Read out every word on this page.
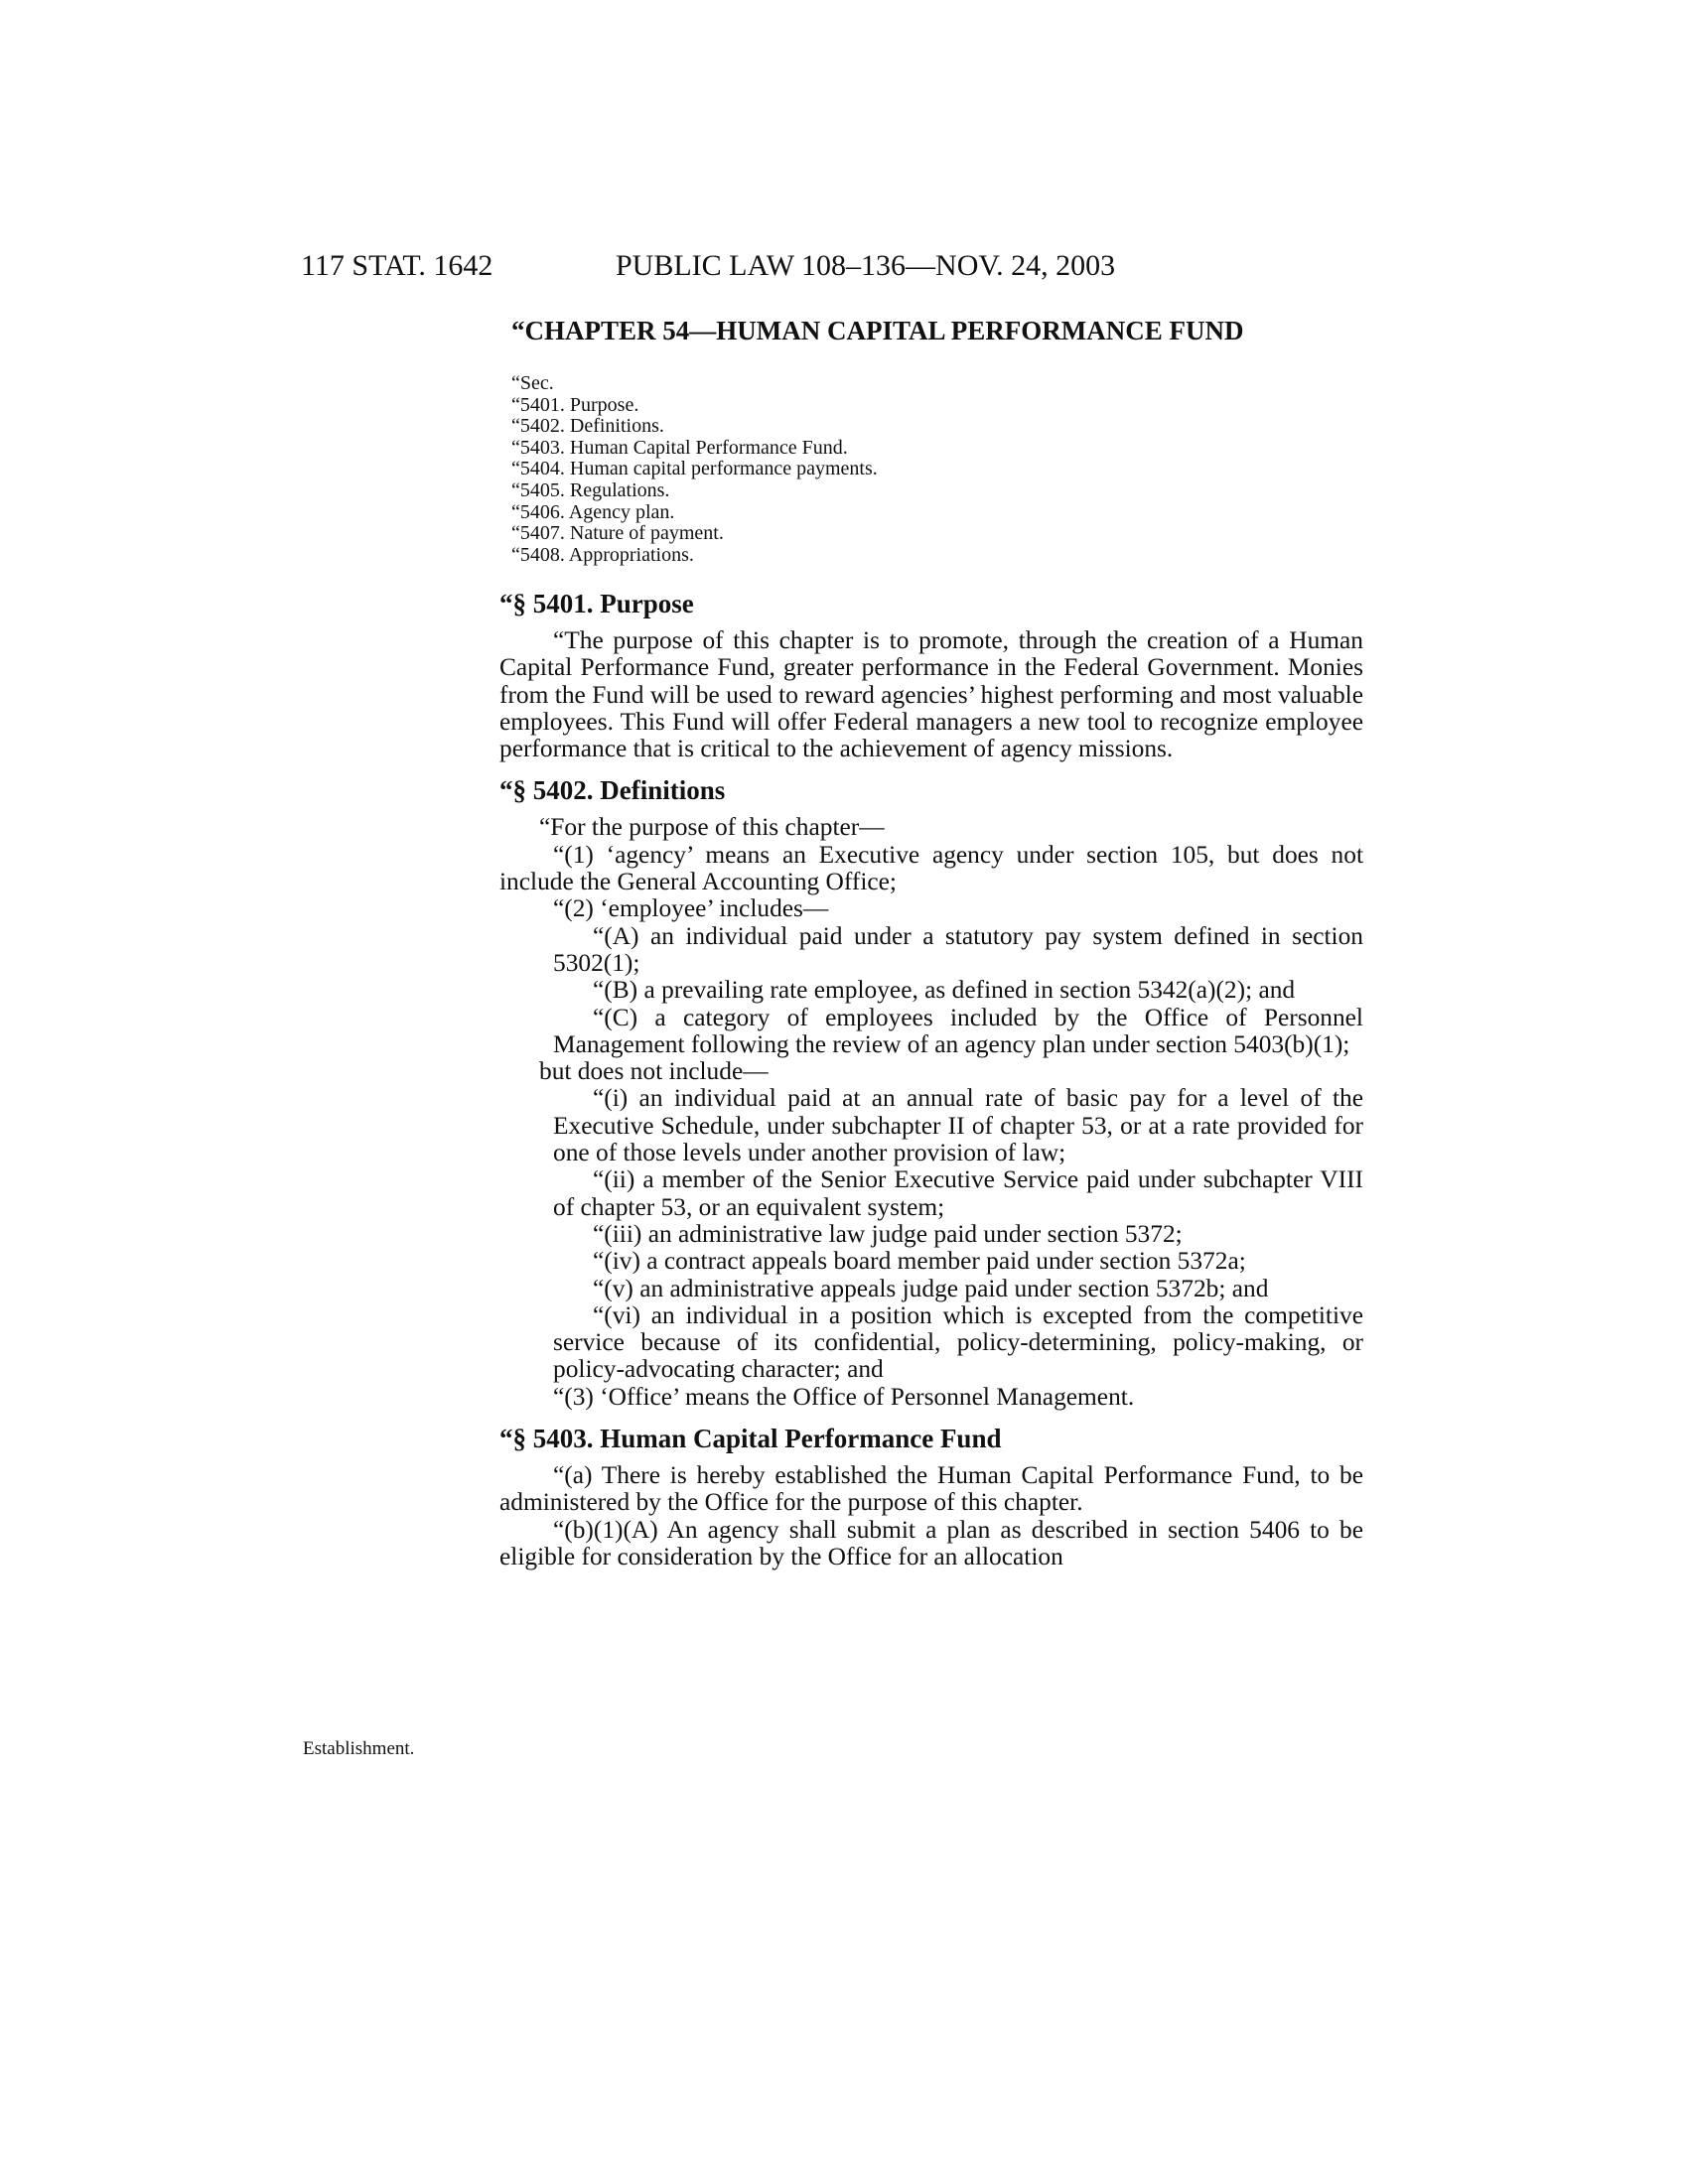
117 STAT. 1642	PUBLIC LAW 108–136—NOV. 24, 2003
“CHAPTER 54—HUMAN CAPITAL PERFORMANCE FUND
“Sec.
“5401. Purpose.
“5402. Definitions.
“5403. Human Capital Performance Fund.
“5404. Human capital performance payments.
“5405. Regulations.
“5406. Agency plan.
“5407. Nature of payment.
“5408. Appropriations.
“§ 5401. Purpose

“The purpose of this chapter is to promote, through the creation of a Human Capital Performance Fund, greater performance in the Federal Government. Monies from the Fund will be used to reward agencies’ highest performing and most valuable employees. This Fund will offer Federal managers a new tool to recognize employee performance that is critical to the achievement of agency missions.

“§ 5402. Definitions

“For the purpose of this chapter—

“(1) ‘agency’ means an Executive agency under section 105, but does not include the General Accounting Office;

“(2) ‘employee’ includes—

“(A) an individual paid under a statutory pay system defined in section 5302(1);

“(B) a prevailing rate employee, as defined in section 5342(a)(2); and

“(C) a category of employees included by the Office of Personnel Management following the review of an agency plan under section 5403(b)(1);

but does not include—

“(i) an individual paid at an annual rate of basic pay for a level of the Executive Schedule, under subchapter II of chapter 53, or at a rate provided for one of those levels under another provision of law;

“(ii) a member of the Senior Executive Service paid under subchapter VIII of chapter 53, or an equivalent system;

“(iii) an administrative law judge paid under section 5372;

“(iv) a contract appeals board member paid under section 5372a;

“(v) an administrative appeals judge paid under section 5372b; and

“(vi) an individual in a position which is excepted from the competitive service because of its confidential, policy-determining, policy-making, or policy-advocating character; and

“(3) ‘Office’ means the Office of Personnel Management.

“§ 5403. Human Capital Performance Fund

“(a) There is hereby established the Human Capital Performance Fund, to be administered by the Office for the purpose of this chapter.

“(b)(1)(A) An agency shall submit a plan as described in section 5406 to be eligible for consideration by the Office for an allocation

Establishment.
